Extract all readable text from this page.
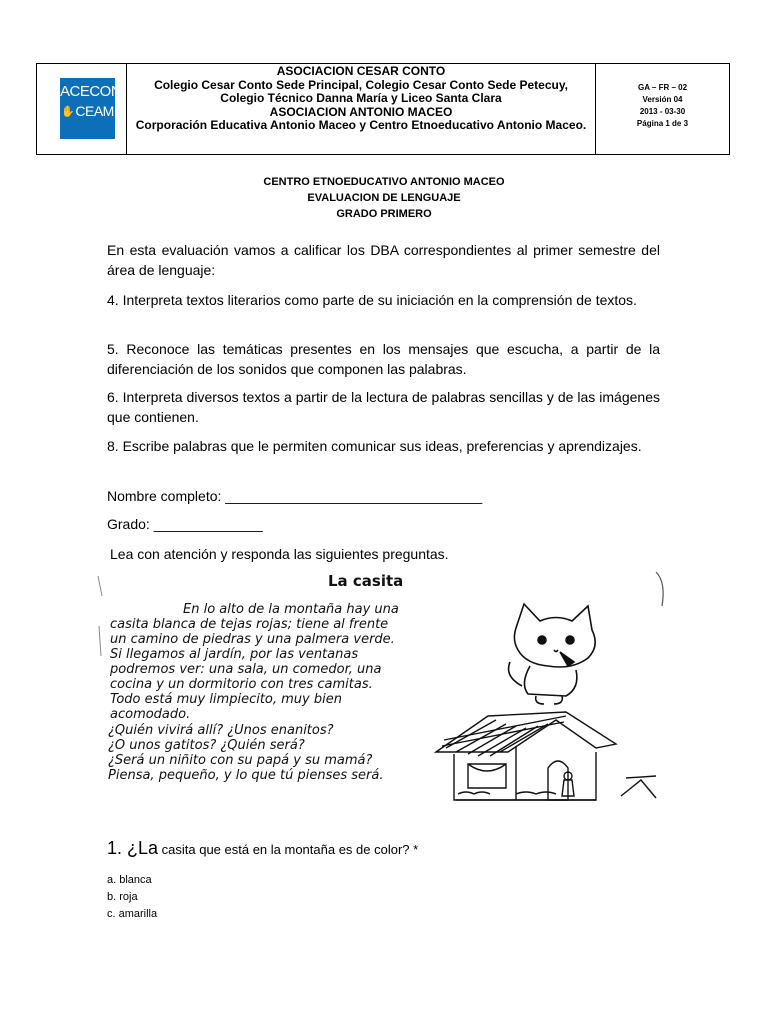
ACECON
✋CEAM
ASOCIACION CESAR CONTO
Colegio Cesar Conto Sede Principal, Colegio Cesar Conto Sede Petecuy,
Colegio Técnico Danna María y Liceo Santa Clara
ASOCIACION ANTONIO MACEO
Corporación Educativa Antonio Maceo y Centro Etnoeducativo Antonio Maceo.
GA – FR – 02
Versión 04
2013 - 03-30
Página 1 de 3
CENTRO ETNOEDUCATIVO ANTONIO MACEO
EVALUACION DE LENGUAJE
GRADO PRIMERO
En esta evaluación vamos a calificar los DBA correspondientes al primer semestre del área de lenguaje:
4. Interpreta textos literarios como parte de su iniciación en la comprensión de textos.
5. Reconoce las temáticas presentes en los mensajes que escucha, a partir de la diferenciación de los sonidos que componen las palabras.
6. Interpreta diversos textos a partir de la lectura de palabras sencillas y de las imágenes que contienen.
8. Escribe palabras que le permiten comunicar sus ideas, preferencias y aprendizajes.
Nombre completo: _________________________________
Grado: ______________
Lea con atención y responda las siguientes preguntas.
La casita
En lo alto de la montaña hay una
casita blanca de tejas rojas; tiene al frente
un camino de piedras y una palmera verde.
Si llegamos al jardín, por las ventanas
podremos ver: una sala, un comedor, una
cocina y un dormitorio con tres camitas.
Todo está muy limpiecito, muy bien
acomodado.
¿Quién vivirá allí? ¿Unos enanitos?
¿O unos gatitos? ¿Quién será?
¿Será un niñito con su papá y su mamá?
Piensa, pequeño, y lo que tú pienses será.
1. ¿La casita que está en la montaña es de color? *
a. blanca
b. roja
c. amarilla
